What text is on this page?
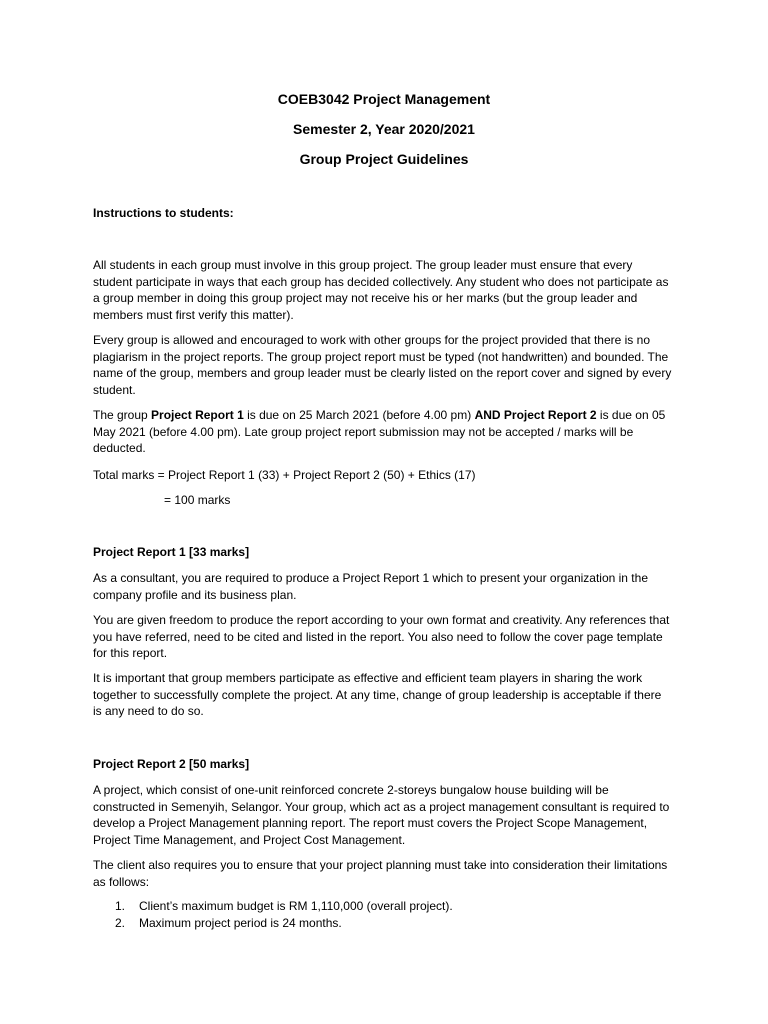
COEB3042 Project Management
Semester 2, Year 2020/2021
Group Project Guidelines

Instructions to students:

All students in each group must involve in this group project. The group leader must ensure that every student participate in ways that each group has decided collectively. Any student who does not participate as a group member in doing this group project may not receive his or her marks (but the group leader and members must first verify this matter).

Every group is allowed and encouraged to work with other groups for the project provided that there is no plagiarism in the project reports. The group project report must be typed (not handwritten) and bounded. The name of the group, members and group leader must be clearly listed on the report cover and signed by every student.

The group Project Report 1 is due on 25 March 2021 (before 4.00 pm) AND Project Report 2 is due on 05 May 2021 (before 4.00 pm). Late group project report submission may not be accepted / marks will be deducted.

Total marks = Project Report 1 (33) + Project Report 2 (50) + Ethics (17)

= 100 marks

Project Report 1 [33 marks]

As a consultant, you are required to produce a Project Report 1 which to present your organization in the company profile and its business plan.

You are given freedom to produce the report according to your own format and creativity. Any references that you have referred, need to be cited and listed in the report. You also need to follow the cover page template for this report.

It is important that group members participate as effective and efficient team players in sharing the work together to successfully complete the project. At any time, change of group leadership is acceptable if there is any need to do so.

Project Report 2 [50 marks]

A project, which consist of one-unit reinforced concrete 2-storeys bungalow house building will be constructed in Semenyih, Selangor. Your group, which act as a project management consultant is required to develop a Project Management planning report. The report must covers the Project Scope Management, Project Time Management, and Project Cost Management.

The client also requires you to ensure that your project planning must take into consideration their limitations as follows:

1. Client’s maximum budget is RM 1,110,000 (overall project).
2. Maximum project period is 24 months.
